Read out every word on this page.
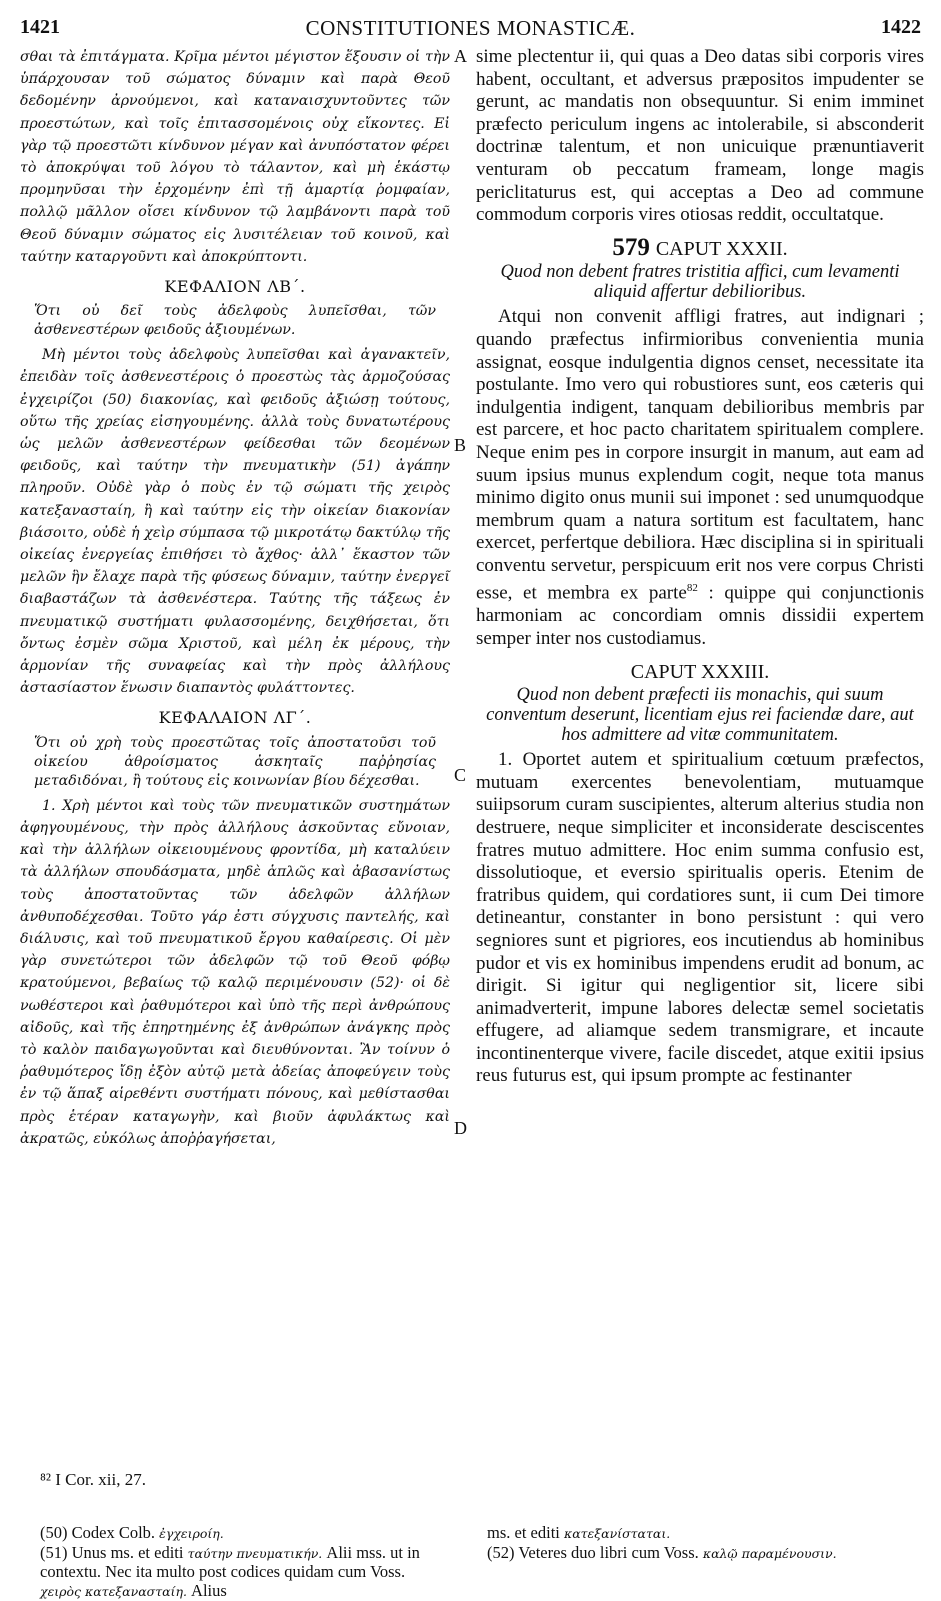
1421	CONSTITUTIONES MONASTICÆ.	1422

σθαι τὰ ἐπιτάγματα. Κρῖμα μέντοι μέγιστον ἕξουσιν οἱ τὴν ὑπάρχουσαν τοῦ σώματος δύναμιν καὶ παρὰ Θεοῦ δεδομένην ἀρνούμενοι, καὶ καταναισχυντοῦντες τῶν προεστώτων, καὶ τοῖς ἐπιτασσομένοις οὐχ εἴκοντες. Εἰ γὰρ τῷ προεστῶτι κίνδυνον μέγαν καὶ ἀνυπόστατον φέρει τὸ ἀποκρύψαι τοῦ λόγου τὸ τάλαντον, καὶ μὴ ἑκάστῳ προμηνῦσαι τὴν ἐρχομένην ἐπὶ τῇ ἁμαρτίᾳ ῥομφαίαν, πολλῷ μᾶλλον οἴσει κίνδυνον τῷ λαμβάνοντι παρὰ τοῦ Θεοῦ δύναμιν σώματος εἰς λυσιτέλειαν τοῦ κοινοῦ, καὶ ταύτην καταργοῦντι καὶ ἀποκρύπτοντι.

ΚΕΦΑΛΙΟΝ ΛΒ΄.

Ὅτι οὐ δεῖ τοὺς ἀδελφοὺς λυπεῖσθαι, τῶν ἀσθενεστέρων φειδοῦς ἀξιουμένων.

Μὴ μέντοι τοὺς ἀδελφοὺς λυπεῖσθαι καὶ ἀγανακτεῖν, ἐπειδὰν τοῖς ἀσθενεστέροις ὁ προεστὼς τὰς ἁρμοζούσας ἐγχειρίζοι (50) διακονίας, καὶ φειδοῦς ἀξιώσῃ τούτους, οὕτω τῆς χρείας εἰσηγουμένης. ἀλλὰ τοὺς δυνατωτέρους ὡς μελῶν ἀσθενεστέρων φείδεσθαι τῶν δεομένων φειδοῦς, καὶ ταύτην τὴν πνευματικὴν (51) ἀγάπην πληροῦν. Οὐδὲ γὰρ ὁ ποὺς ἐν τῷ σώματι τῆς χειρὸς κατεξανασταίη, ἢ καὶ ταύτην εἰς τὴν οἰκείαν διακονίαν βιάσοιτο, οὐδὲ ἡ χεὶρ σύμπασα τῷ μικροτάτῳ δακτύλῳ τῆς οἰκείας ἐνεργείας ἐπιθήσει τὸ ἄχθος· ἀλλ᾽ ἕκαστον τῶν μελῶν ἣν ἔλαχε παρὰ τῆς φύσεως δύναμιν, ταύτην ἐνεργεῖ διαβαστάζων τὰ ἀσθενέστερα. Ταύτης τῆς τάξεως ἐν πνευματικῷ συστήματι φυλασσομένης, δειχθήσεται, ὅτι ὄντως ἐσμὲν σῶμα Χριστοῦ, καὶ μέλη ἐκ μέρους, τὴν ἁρμονίαν τῆς συναφείας καὶ τὴν πρὸς ἀλλήλους ἀστασίαστον ἕνωσιν διαπαντὸς φυλάττοντες.

ΚΕΦΑΛΑΙΟΝ ΛΓ΄.

Ὅτι οὐ χρὴ τοὺς προεστῶτας τοῖς ἀποστατοῦσι τοῦ οἰκείου ἀθροίσματος ἀσκηταῖς παῤῥησίας μεταδιδόναι, ἢ τούτους εἰς κοινωνίαν βίου δέχεσθαι.

1. Χρὴ μέντοι καὶ τοὺς τῶν πνευματικῶν συστημάτων ἀφηγουμένους, τὴν πρὸς ἀλλήλους ἀσκοῦντας εὔνοιαν, καὶ τὴν ἀλλήλων οἰκειουμένους φροντίδα, μὴ καταλύειν τὰ ἀλλήλων σπουδάσματα, μηδὲ ἁπλῶς καὶ ἀβασανίστως τοὺς ἀποστατοῦντας τῶν ἀδελφῶν ἀλλήλων ἀνθυποδέχεσθαι. Τοῦτο γάρ ἐστι σύγχυσις παντελής, καὶ διάλυσις, καὶ τοῦ πνευματικοῦ ἔργου καθαίρεσις. Οἱ μὲν γὰρ συνετώτεροι τῶν ἀδελφῶν τῷ τοῦ Θεοῦ φόβῳ κρατούμενοι, βεβαίως τῷ καλῷ περιμένουσιν (52)· οἱ δὲ νωθέστεροι καὶ ῥαθυμότεροι καὶ ὑπὸ τῆς περὶ ἀνθρώπους αἰδοῦς, καὶ τῆς ἐπηρτημένης ἐξ ἀνθρώπων ἀνάγκης πρὸς τὸ καλὸν παιδαγωγοῦνται καὶ διευθύνονται. Ἂν τοίνυν ὁ ῥαθυμότερος ἴδῃ ἐξὸν αὐτῷ μετὰ ἀδείας ἀποφεύγειν τοὺς ἐν τῷ ἅπαξ αἱρεθέντι συστήματι πόνους, καὶ μεθίστασθαι πρὸς ἑτέραν καταγωγὴν, καὶ βιοῦν ἀφυλάκτως καὶ ἀκρατῶς, εὐκόλως ἀποῤῥαγήσεται,

A
B
C
D

sime plectentur ii, qui quas a Deo datas sibi corporis vires habent, occultant, et adversus præpositos impudenter se gerunt, ac mandatis non obsequuntur. Si enim imminet præfecto periculum ingens ac intolerabile, si absconderit doctrinæ talentum, et non unicuique prænuntiaverit venturam ob peccatum frameam, longe magis periclitaturus est, qui acceptas a Deo ad commune commodum corporis vires otiosas reddit, occultatque.

579 CAPUT XXXII.

Quod non debent fratres tristitia affici, cum levamenti aliquid affertur debilioribus.

Atqui non convenit affligi fratres, aut indignari ; quando præfectus infirmioribus convenientia munia assignat, eosque indulgentia dignos censet, necessitate ita postulante. Imo vero qui robustiores sunt, eos cæteris qui indulgentia indigent, tanquam debilioribus membris par est parcere, et hoc pacto charitatem spiritualem complere. Neque enim pes in corpore insurgit in manum, aut eam ad suum ipsius munus explendum cogit, neque tota manus minimo digito onus munii sui imponet : sed unumquodque membrum quam a natura sortitum est facultatem, hanc exercet, perfertque debiliora. Hæc disciplina si in spirituali conventu servetur, perspicuum erit nos vere corpus Christi esse, et membra ex parte$^{82}$ : quippe qui conjunctionis harmoniam ac concordiam omnis dissidii expertem semper inter nos custodiamus.

CAPUT XXXIII.

Quod non debent præfecti iis monachis, qui suum conventum deserunt, licentiam ejus rei faciendæ dare, aut hos admittere ad vitæ communitatem.

1. Oportet autem et spiritualium cœtuum præfectos, mutuam exercentes benevolentiam, mutuamque suiipsorum curam suscipientes, alterum alterius studia non destruere, neque simpliciter et inconsiderate desciscentes fratres mutuo admittere. Hoc enim summa confusio est, dissolutioque, et eversio spiritualis operis. Etenim de fratribus quidem, qui cordatiores sunt, ii cum Dei timore detineantur, constanter in bono persistunt : qui vero segniores sunt et pigriores, eos incutiendus ab hominibus pudor et vis ex hominibus impendens erudit ad bonum, ac dirigit. Si igitur qui negligentior sit, licere sibi animadverterit, impune labores delectæ semel societatis effugere, ad aliamque sedem transmigrare, et incaute incontinenterque vivere, facile discedet, atque exitii ipsius reus futurus est, qui ipsum prompte ac festinanter

⁸² I Cor. xii, 27.

(50) Codex Colb. ἐγχειροίη.

(51) Unus ms. et editi ταύτην πνευματικήν. Alii mss. ut in contextu. Nec ita multo post codices quidam cum Voss. χειρὸς κατεξανασταίη. Alius

ms. et editi κατεξανίσταται.

(52) Veteres duo libri cum Voss. καλῷ παραμένουσιν.
